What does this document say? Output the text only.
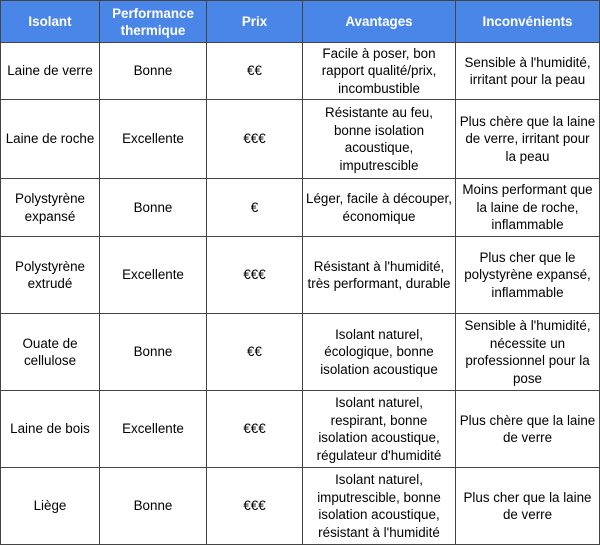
Isolant	Performance thermique	Prix	Avantages	Inconvénients
Laine de verre	Bonne	€€	Facile à poser, bon rapport qualité/prix, incombustible	Sensible à l'humidité, irritant pour la peau
Laine de roche	Excellente	€€€	Résistante au feu, bonne isolation acoustique, imputrescible	Plus chère que la laine de verre, irritant pour la peau
Polystyrène expansé	Bonne	€	Léger, facile à découper, économique	Moins performant que la laine de roche, inflammable
Polystyrène extrudé	Excellente	€€€	Résistant à l'humidité, très performant, durable	Plus cher que le polystyrène expansé, inflammable
Ouate de cellulose	Bonne	€€	Isolant naturel, écologique, bonne isolation acoustique	Sensible à l'humidité, nécessite un professionnel pour la pose
Laine de bois	Excellente	€€€	Isolant naturel, respirant, bonne isolation acoustique, régulateur d'humidité	Plus chère que la laine de verre
Liège	Bonne	€€€	Isolant naturel, imputrescible, bonne isolation acoustique, résistant à l'humidité	Plus cher que la laine de verre
